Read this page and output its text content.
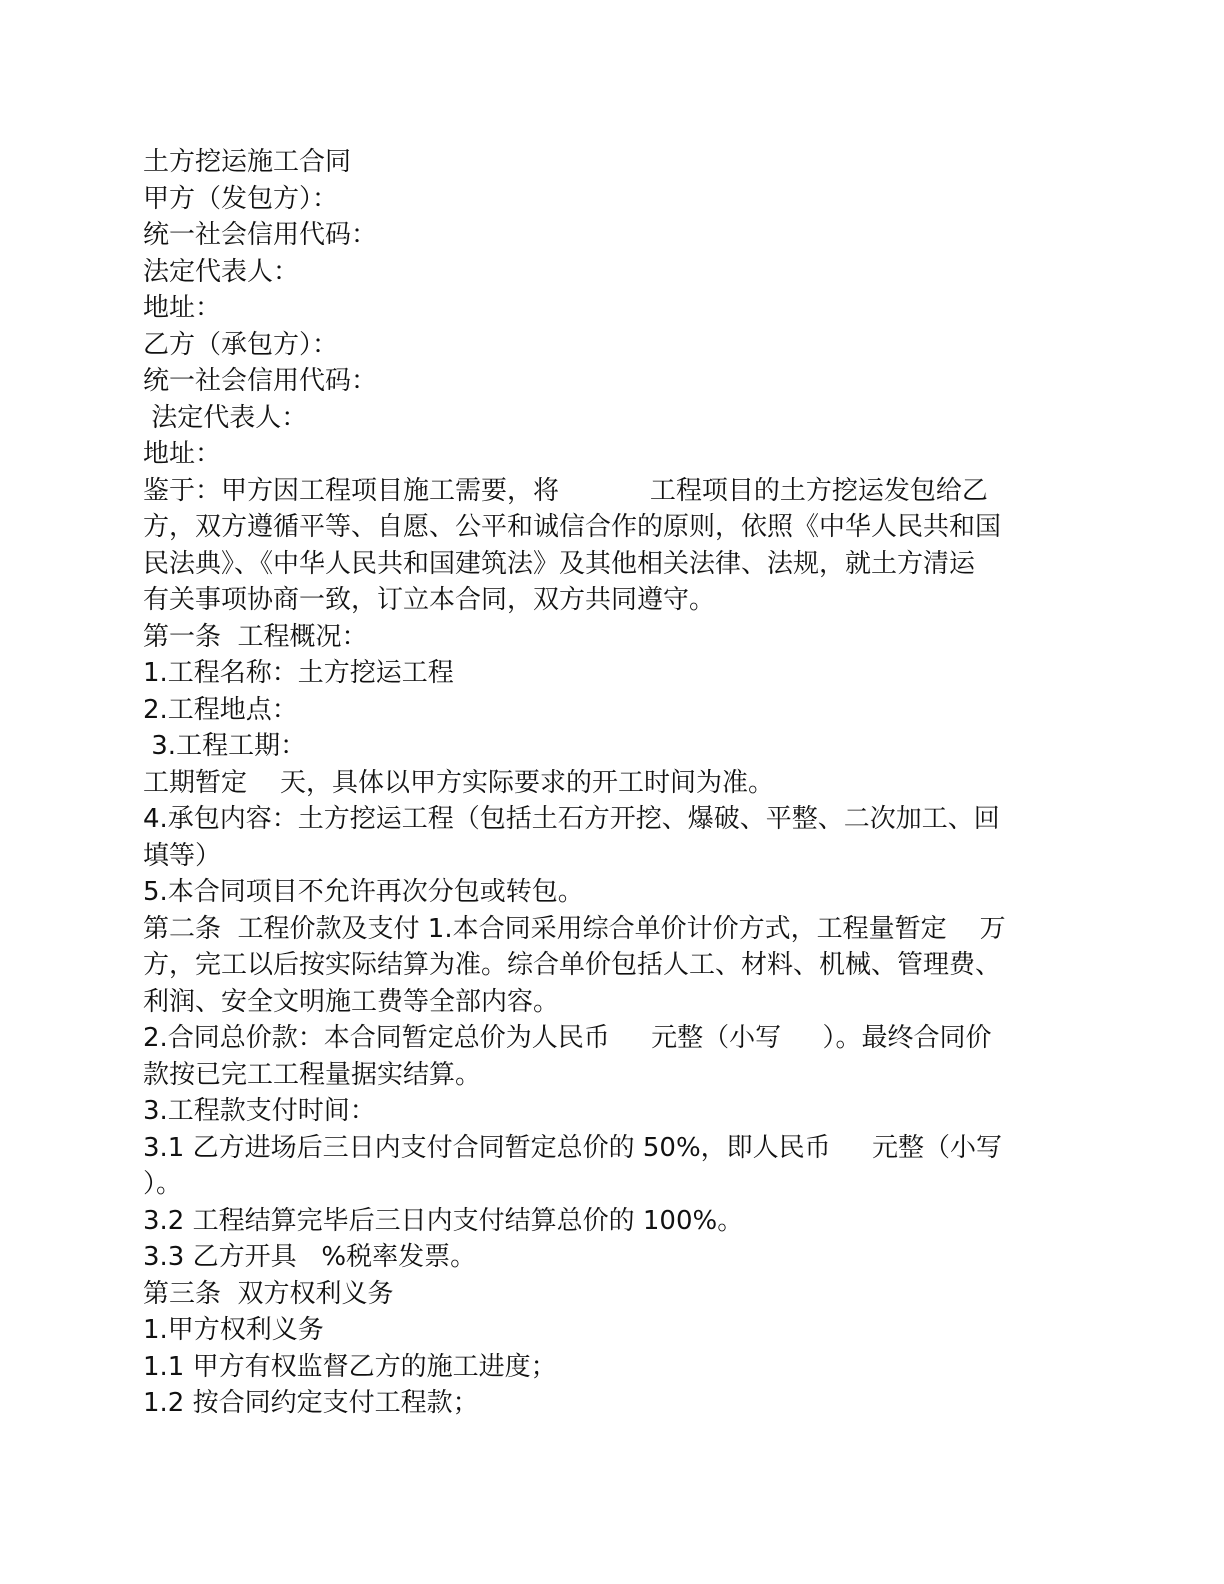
土方挖运施工合同
甲方（发包方）：
统一社会信用代码：
法定代表人：
地址：
乙方（承包方）：
统一社会信用代码：
法定代表人：
地址：
鉴于：甲方因工程项目施工需要，将           工程项目的土方挖运发包给乙
方，双方遵循平等、自愿、公平和诚信合作的原则，依照《中华人民共和国
民法典》、《中华人民共和国建筑法》及其他相关法律、法规，就土方清运
有关事项协商一致，订立本合同，双方共同遵守。
第一条  工程概况：
1.工程名称：土方挖运工程
2.工程地点：
3.工程工期：
工期暂定    天，具体以甲方实际要求的开工时间为准。
4.承包内容：土方挖运工程（包括土石方开挖、爆破、平整、二次加工、回
填等）
5.本合同项目不允许再次分包或转包。
第二条  工程价款及支付 1.本合同采用综合单价计价方式，工程量暂定    万
方，完工以后按实际结算为准。综合单价包括人工、材料、机械、管理费、
利润、安全文明施工费等全部内容。
2.合同总价款：本合同暂定总价为人民币     元整（小写     ）。最终合同价
款按已完工工程量据实结算。
3.工程款支付时间：
3.1 乙方进场后三日内支付合同暂定总价的 50%，即人民币     元整（小写
）。
3.2 工程结算完毕后三日内支付结算总价的 100%。
3.3 乙方开具   %税率发票。
第三条  双方权利义务
1.甲方权利义务
1.1 甲方有权监督乙方的施工进度；
1.2 按合同约定支付工程款；
